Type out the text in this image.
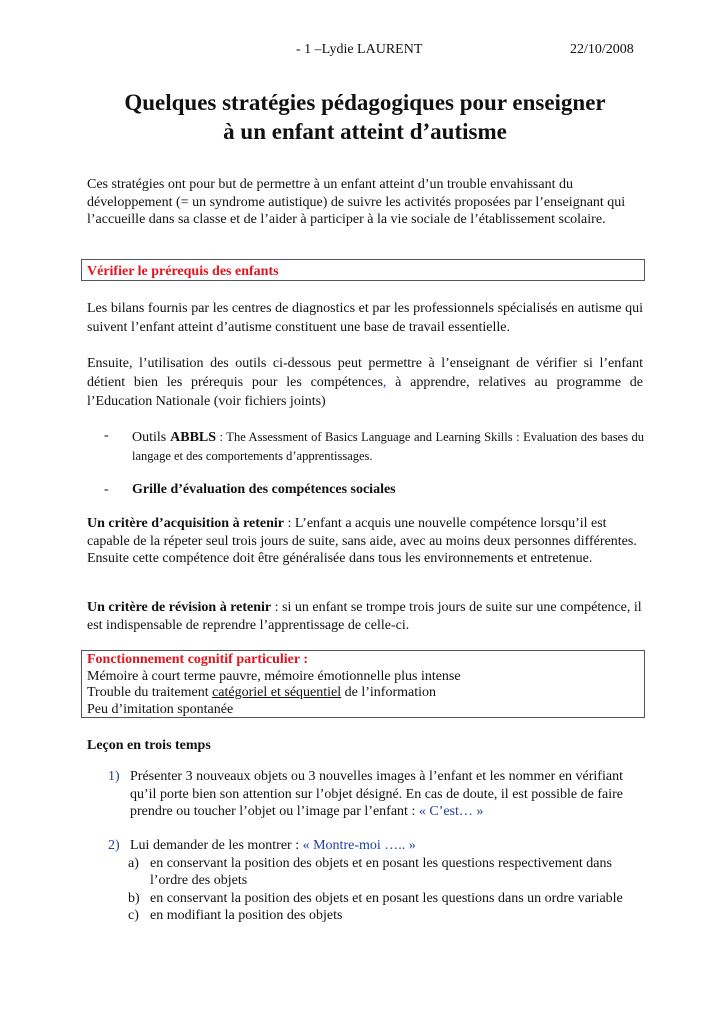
- 1 –Lydie LAURENT	22/10/2008
Quelques stratégies pédagogiques pour enseigner
à un enfant atteint d’autisme
Ces stratégies ont pour but de permettre à un enfant atteint d’un trouble envahissant du développement (= un syndrome autistique) de suivre les activités proposées par l’enseignant qui l’accueille dans sa classe et de l’aider à participer à la vie sociale de l’établissement scolaire.
Vérifier le prérequis des enfants
Les bilans fournis par les centres de diagnostics et par les professionnels spécialisés en autisme qui suivent l’enfant atteint d’autisme constituent une base de travail essentielle.
Ensuite, l’utilisation des outils ci-dessous peut permettre à l’enseignant de vérifier si l’enfant détient bien les prérequis pour les compétences, à apprendre, relatives au programme de l’Education Nationale (voir fichiers joints)
-	Outils ABBLS : The Assessment of Basics Language and Learning Skills : Evaluation des bases du langage et des comportements d’apprentissages.
- Grille d’évaluation des compétences sociales
Un critère d’acquisition à retenir : L’enfant a acquis une nouvelle compétence lorsqu’il est capable de la répeter seul trois jours de suite, sans aide, avec au moins deux personnes différentes.
Ensuite cette compétence doit être généralisée dans tous les environnements et entretenue.
Un critère de révision à retenir : si un enfant se trompe trois jours de suite sur une compétence, il est indispensable de reprendre l’apprentissage de celle-ci.
Fonctionnement cognitif particulier :
Mémoire à court terme pauvre, mémoire émotionnelle plus intense
Trouble du traitement catégoriel et séquentiel de l’information
Peu d’imitation spontanée
Leçon en trois temps
1) Présenter 3 nouveaux objets ou 3 nouvelles images à l’enfant et les nommer en vérifiant qu’il porte bien son attention sur l’objet désigné. En cas de doute, il est possible de faire prendre ou toucher l’objet ou l’image par l’enfant : « C’est… »
2) Lui demander de les montrer : « Montre-moi ….. »
a) en conservant la position des objets et en posant les questions respectivement dans l’ordre des objets
b) en conservant la position des objets et en posant les questions dans un ordre variable
c) en modifiant la position des objets
